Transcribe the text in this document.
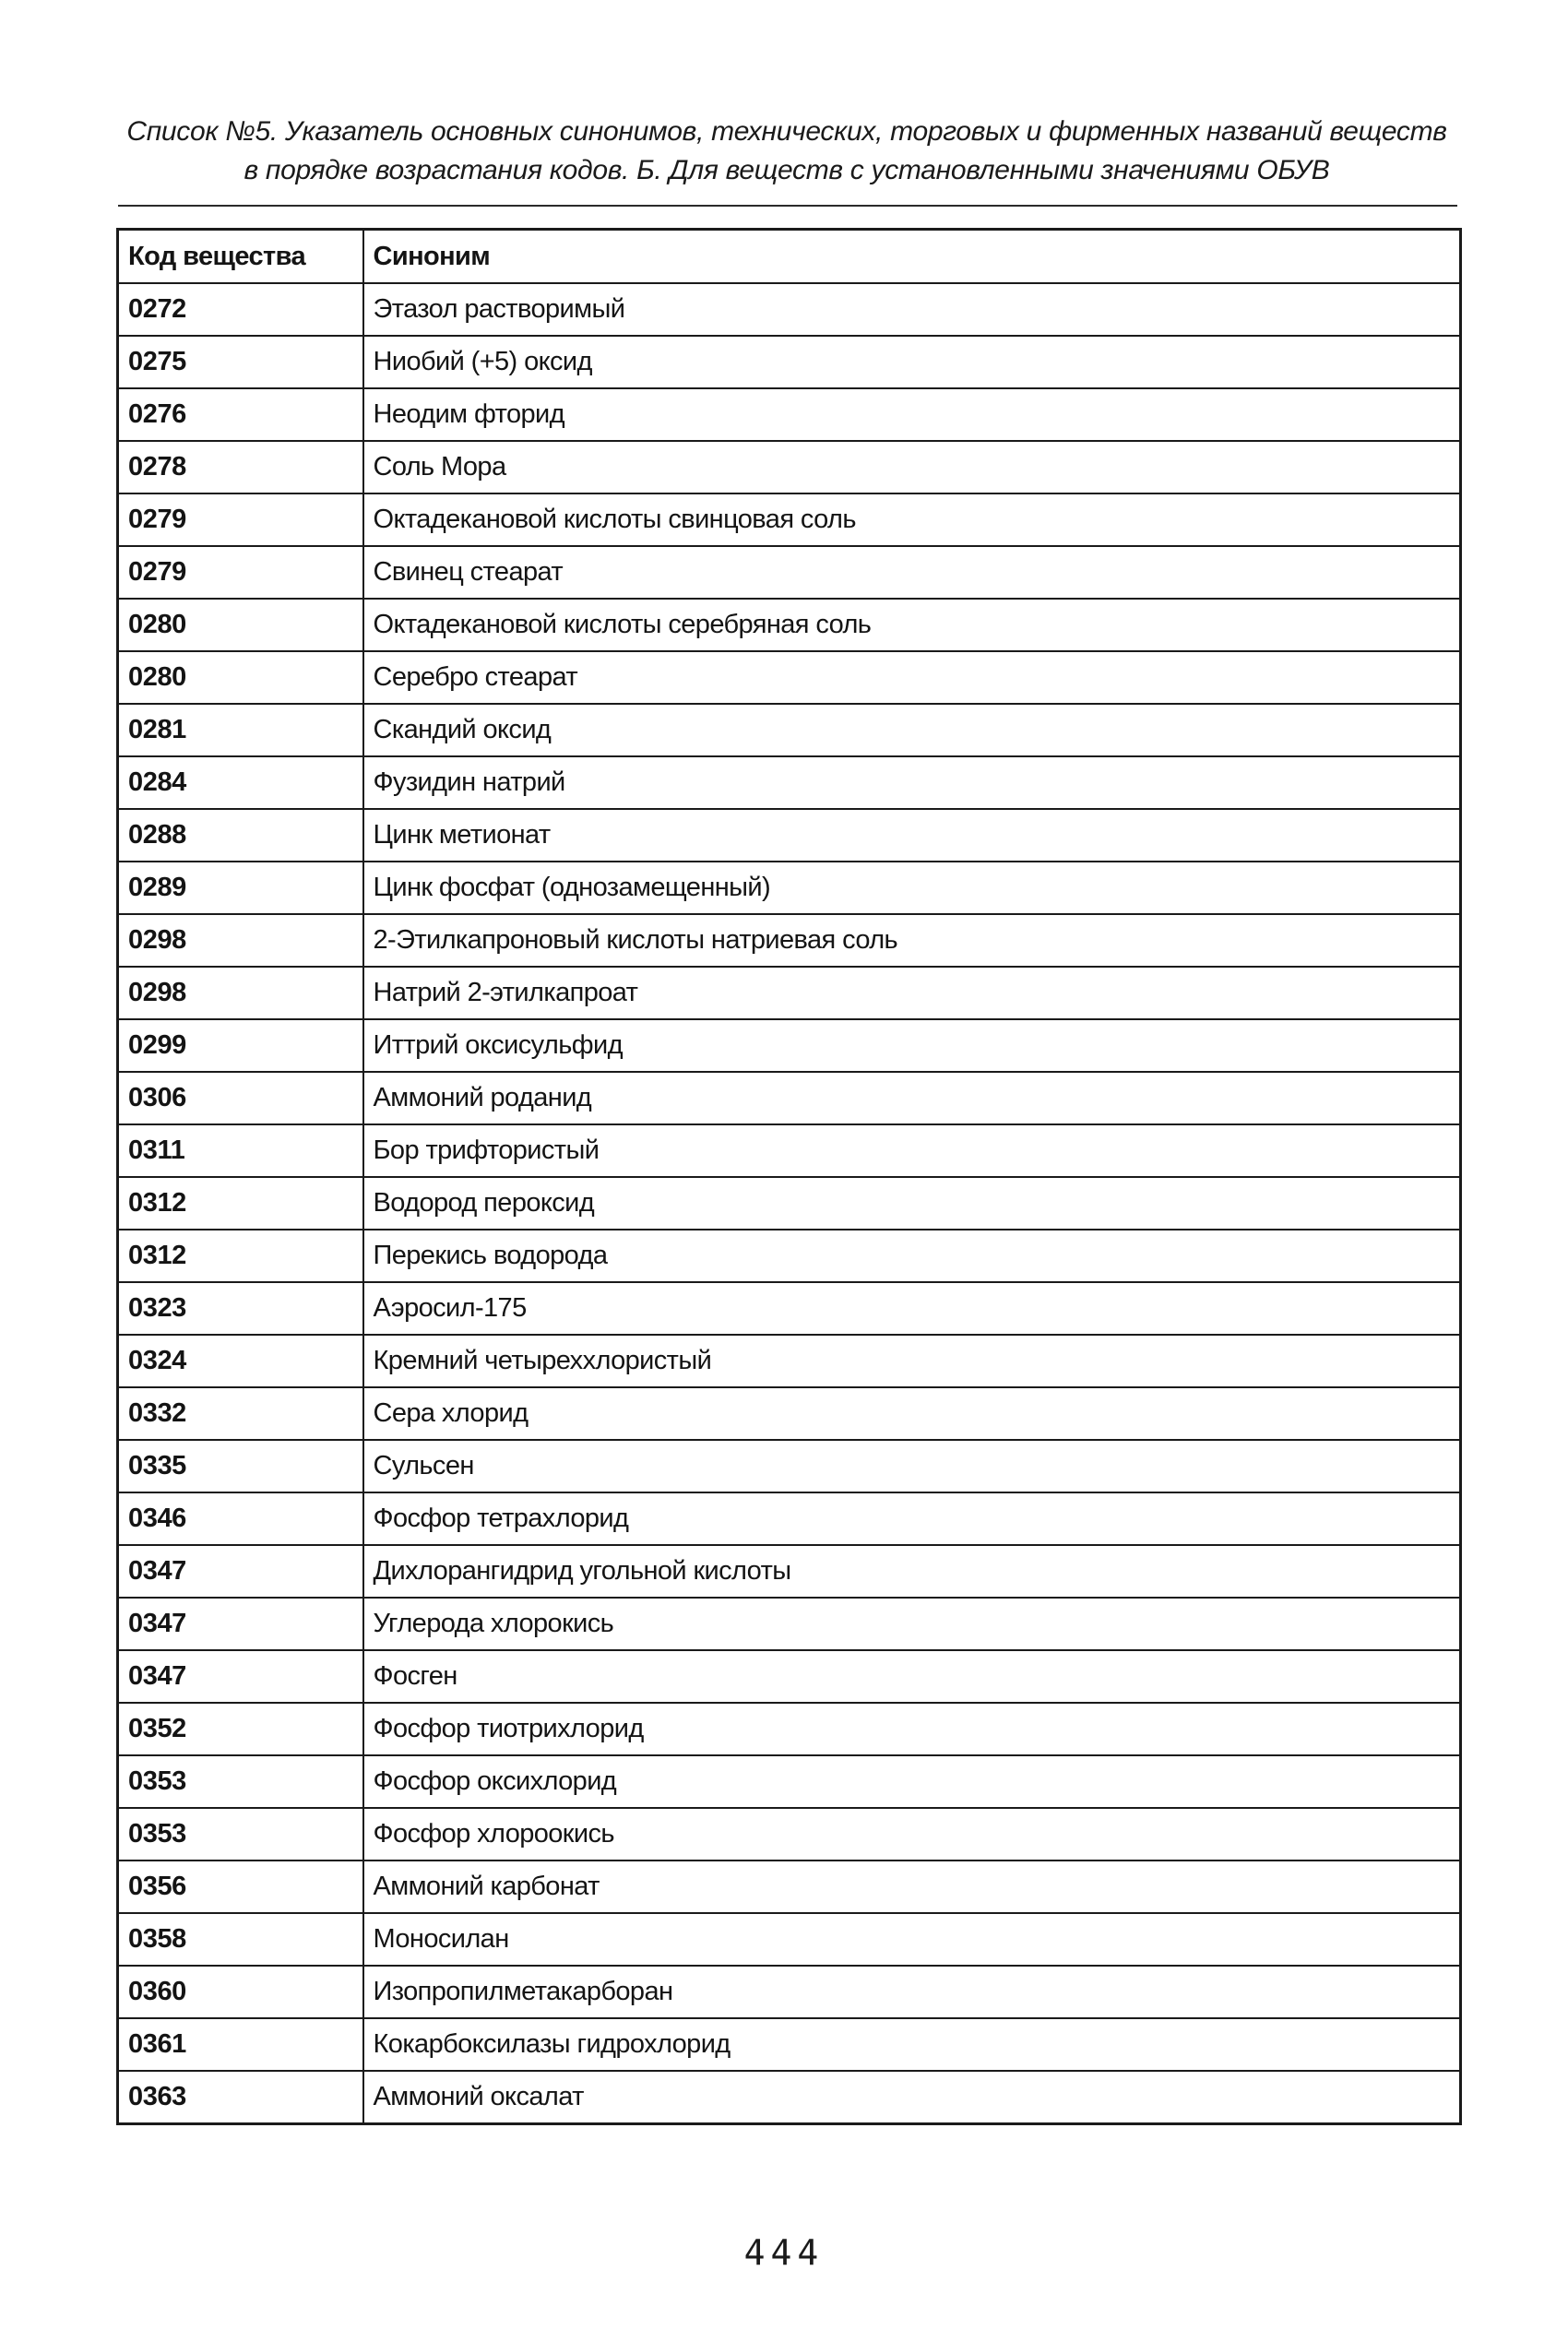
Список №5. Указатель основных синонимов, технических, торговых и фирменных названий веществ
в порядке возрастания кодов. Б. Для веществ с установленными значениями ОБУВ
Код вещества	Синоним
0272	Этазол растворимый
0275	Ниобий (+5) оксид
0276	Неодим фторид
0278	Соль Мора
0279	Октадекановой кислоты свинцовая соль
0279	Свинец стеарат
0280	Октадекановой кислоты серебряная соль
0280	Серебро стеарат
0281	Скандий оксид
0284	Фузидин натрий
0288	Цинк метионат
0289	Цинк фосфат (однозамещенный)
0298	2-Этилкапроновый кислоты натриевая соль
0298	Натрий 2-этилкапроат
0299	Иттрий оксисульфид
0306	Аммоний роданид
0311	Бор трифтористый
0312	Водород пероксид
0312	Перекись водорода
0323	Аэросил-175
0324	Кремний четыреххлористый
0332	Сера хлорид
0335	Сульсен
0346	Фосфор тетрахлорид
0347	Дихлорангидрид угольной кислоты
0347	Углерода хлорокись
0347	Фосген
0352	Фосфор тиотрихлорид
0353	Фосфор оксихлорид
0353	Фосфор хлороокись
0356	Аммоний карбонат
0358	Моносилан
0360	Изопропилметакарборан
0361	Кокарбоксилазы гидрохлорид
0363	Аммоний оксалат
444
